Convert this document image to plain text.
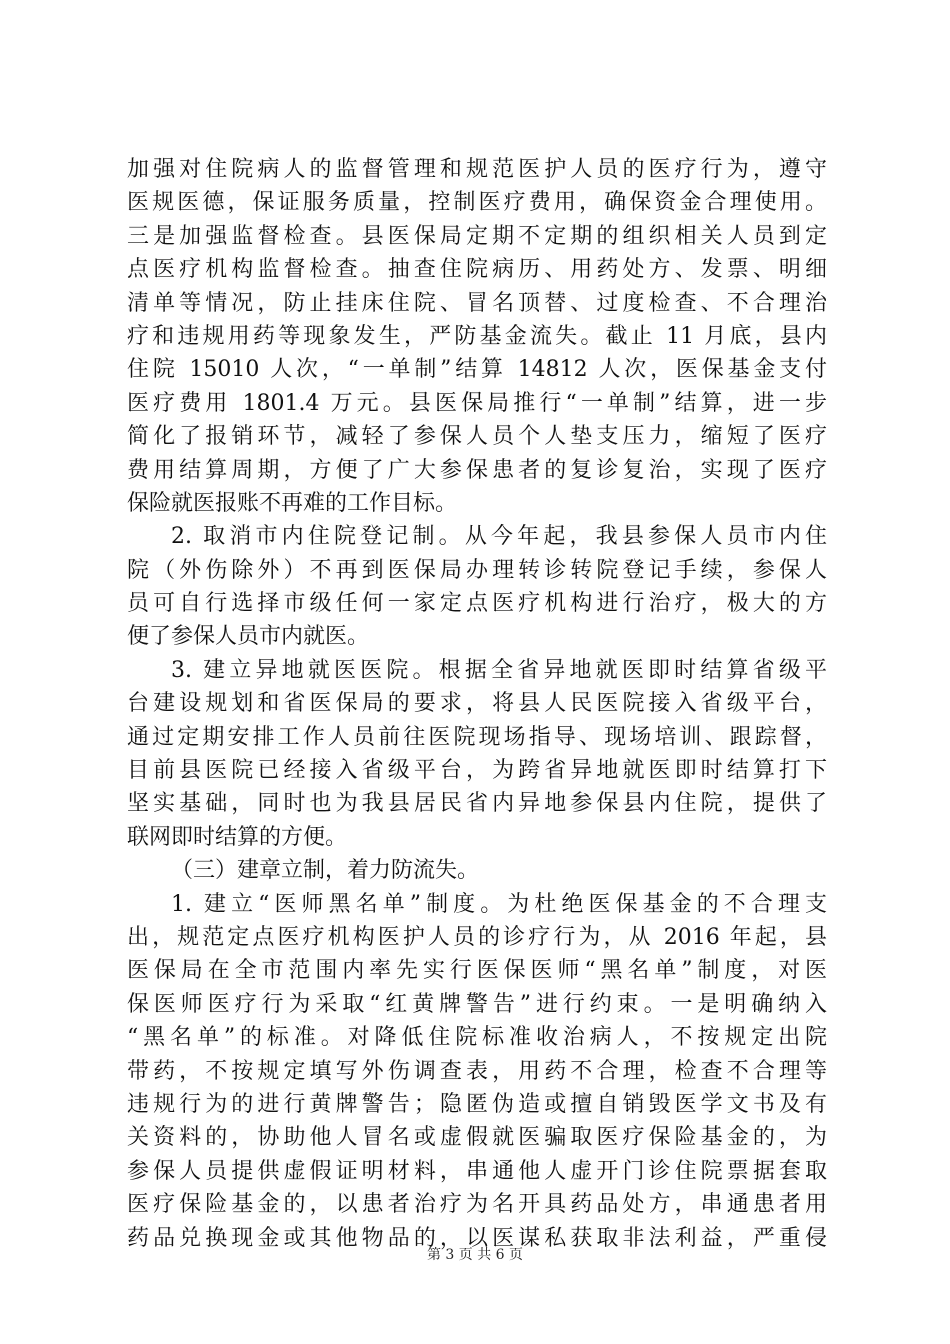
加强对住院病人的监督管理和规范医护人员的医疗行为，遵守
医规医德，保证服务质量，控制医疗费用，确保资金合理使用。
三是加强监督检查。县医保局定期不定期的组织相关人员到定
点医疗机构监督检查。抽查住院病历、用药处方、发票、明细
清单等情况，防止挂床住院、冒名顶替、过度检查、不合理治
疗和违规用药等现象发生，严防基金流失。截止 11 月底，县内
住院 15010 人次，“一单制”结算 14812 人次，医保基金支付
医疗费用 1801.4 万元。县医保局推行“一单制”结算，进一步
简化了报销环节，减轻了参保人员个人垫支压力，缩短了医疗
费用结算周期，方便了广大参保患者的复诊复治，实现了医疗
保险就医报账不再难的工作目标。
2. 取消市内住院登记制。从今年起，我县参保人员市内住
院（外伤除外）不再到医保局办理转诊转院登记手续，参保人
员可自行选择市级任何一家定点医疗机构进行治疗，极大的方
便了参保人员市内就医。
3. 建立异地就医医院。根据全省异地就医即时结算省级平
台建设规划和省医保局的要求，将县人民医院接入省级平台，
通过定期安排工作人员前往医院现场指导、现场培训、跟踪督，
目前县医院已经接入省级平台，为跨省异地就医即时结算打下
坚实基础，同时也为我县居民省内异地参保县内住院，提供了
联网即时结算的方便。
（三）建章立制，着力防流失。
1. 建立“医师黑名单”制度。为杜绝医保基金的不合理支
出，规范定点医疗机构医护人员的诊疗行为，从 2016 年起，县
医保局在全市范围内率先实行医保医师“黑名单”制度，对医
保医师医疗行为采取“红黄牌警告”进行约束。一是明确纳入
“黑名单”的标准。对降低住院标准收治病人，不按规定出院
带药，不按规定填写外伤调查表，用药不合理，检查不合理等
违规行为的进行黄牌警告；隐匿伪造或擅自销毁医学文书及有
关资料的，协助他人冒名或虚假就医骗取医疗保险基金的，为
参保人员提供虚假证明材料，串通他人虚开门诊住院票据套取
医疗保险基金的，以患者治疗为名开具药品处方，串通患者用
药品兑换现金或其他物品的，以医谋私获取非法利益，严重侵
第 3 页 共 6 页
